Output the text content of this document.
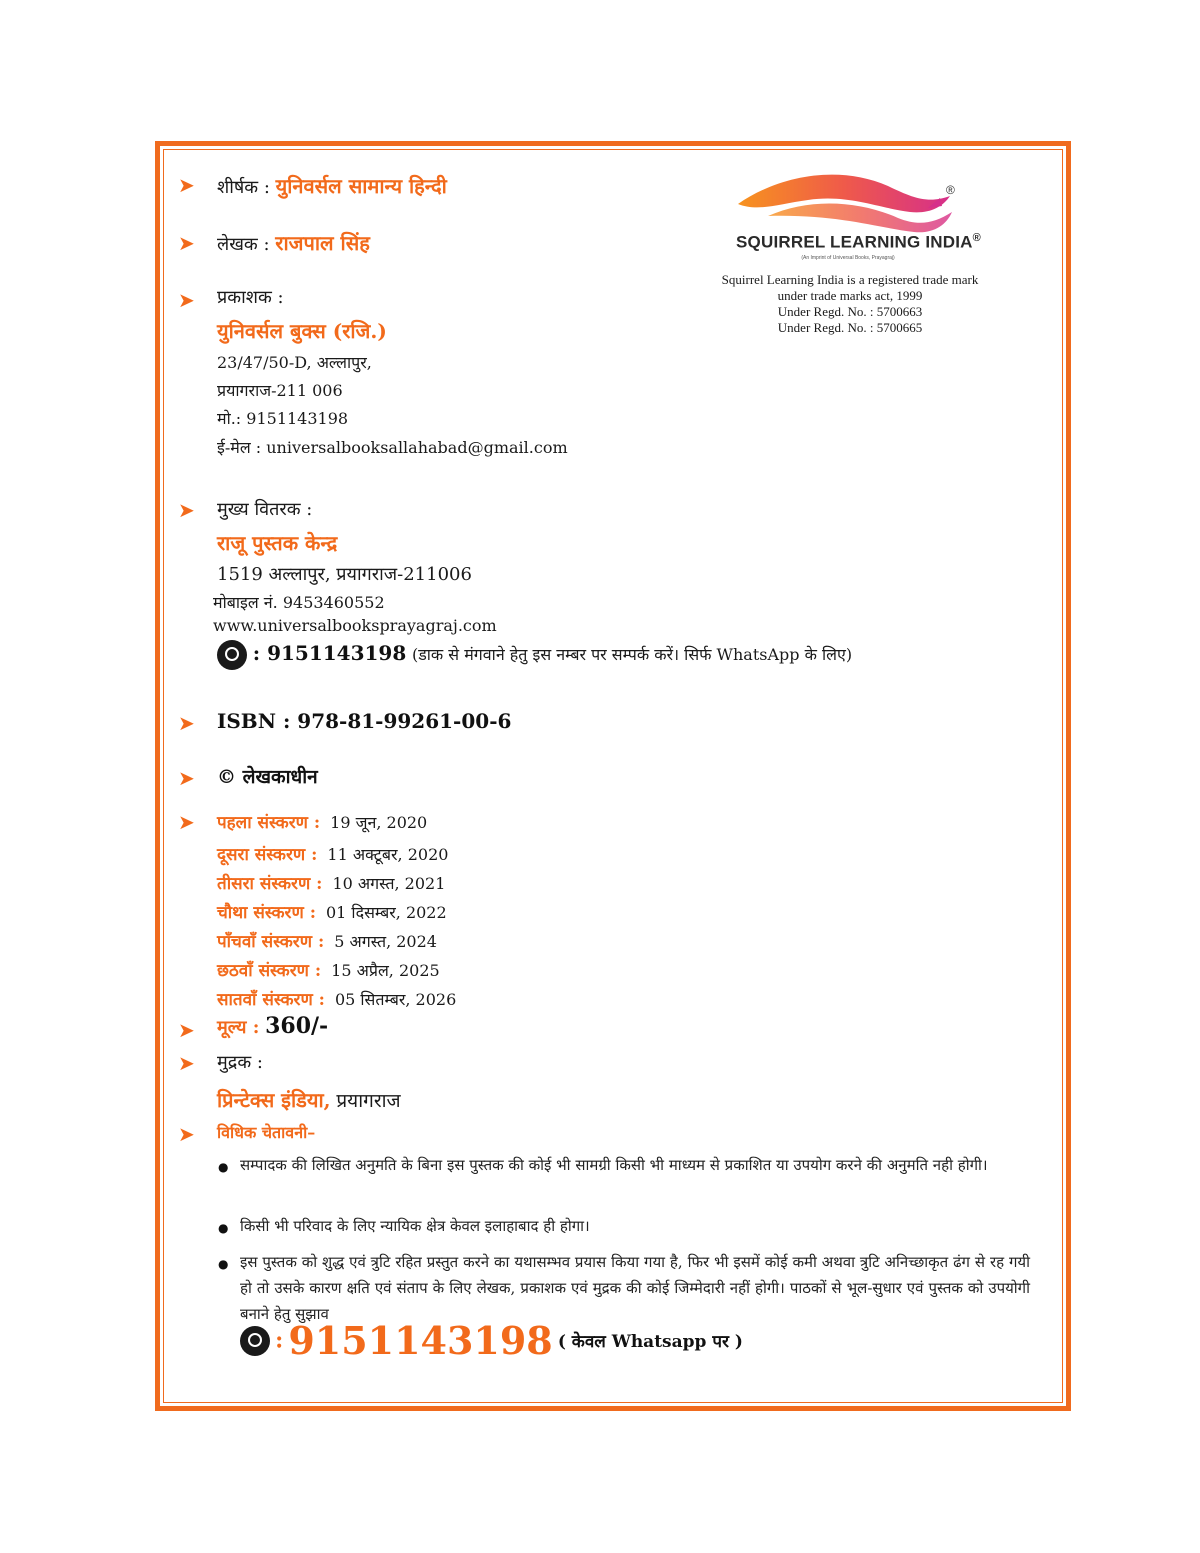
®
SQUIRREL LEARNING INDIA®
(An Imprint of Universal Books, Prayagraj)
Squirrel Learning India is a registered trade mark
under trade marks act, 1999
Under Regd. No. : 5700663
Under Regd. No. : 5700665
➤ शीर्षक : युनिवर्सल सामान्य हिन्दी
➤ लेखक : राजपाल सिंह
➤ प्रकाशक :
युनिवर्सल बुक्स (रजि.)
23/47/50-D, अल्लापुर,
प्रयागराज-211 006
मो.: 9151143198
ई-मेल : universalbooksallahabad@gmail.com
➤ मुख्य वितरक :
राजू पुस्तक केन्द्र
1519 अल्लापुर, प्रयागराज-211006
मोबाइल नं. 9453460552
www.universalbooksprayagraj.com
: 9151143198 (डाक से मंगवाने हेतु इस नम्बर पर सम्पर्क करें। सिर्फ WhatsApp के लिए)
➤ ISBN : 978-81-99261-00-6
➤ © लेखकाधीन
➤ पहला संस्करण : 19 जून, 2020
दूसरा संस्करण : 11 अक्टूबर, 2020
तीसरा संस्करण : 10 अगस्त, 2021
चौथा संस्करण : 01 दिसम्बर, 2022
पाँचवाँ संस्करण : 5 अगस्त, 2024
छठवाँ संस्करण : 15 अप्रैल, 2025
सातवाँ संस्करण : 05 सितम्बर, 2026
➤ मूल्य : 360/-
➤ मुद्रक :
प्रिन्टेक्स इंडिया, प्रयागराज
➤ विधिक चेतावनी–
● सम्पादक की लिखित अनुमति के बिना इस पुस्तक की कोई भी सामग्री किसी भी माध्यम से प्रकाशित या उपयोग करने की अनुमति नही होगी।
● किसी भी परिवाद के लिए न्यायिक क्षेत्र केवल इलाहाबाद ही होगा।
● इस पुस्तक को शुद्ध एवं त्रुटि रहित प्रस्तुत करने का यथासम्भव प्रयास किया गया है, फिर भी इसमें कोई कमी अथवा त्रुटि अनिच्छाकृत ढंग से रह गयी हो तो उसके कारण क्षति एवं संताप के लिए लेखक, प्रकाशक एवं मुद्रक की कोई जिम्मेदारी नहीं होगी। पाठकों से भूल-सुधार एवं पुस्तक को उपयोगी बनाने हेतु सुझाव
: 9151143198 ( केवल Whatsapp पर )
